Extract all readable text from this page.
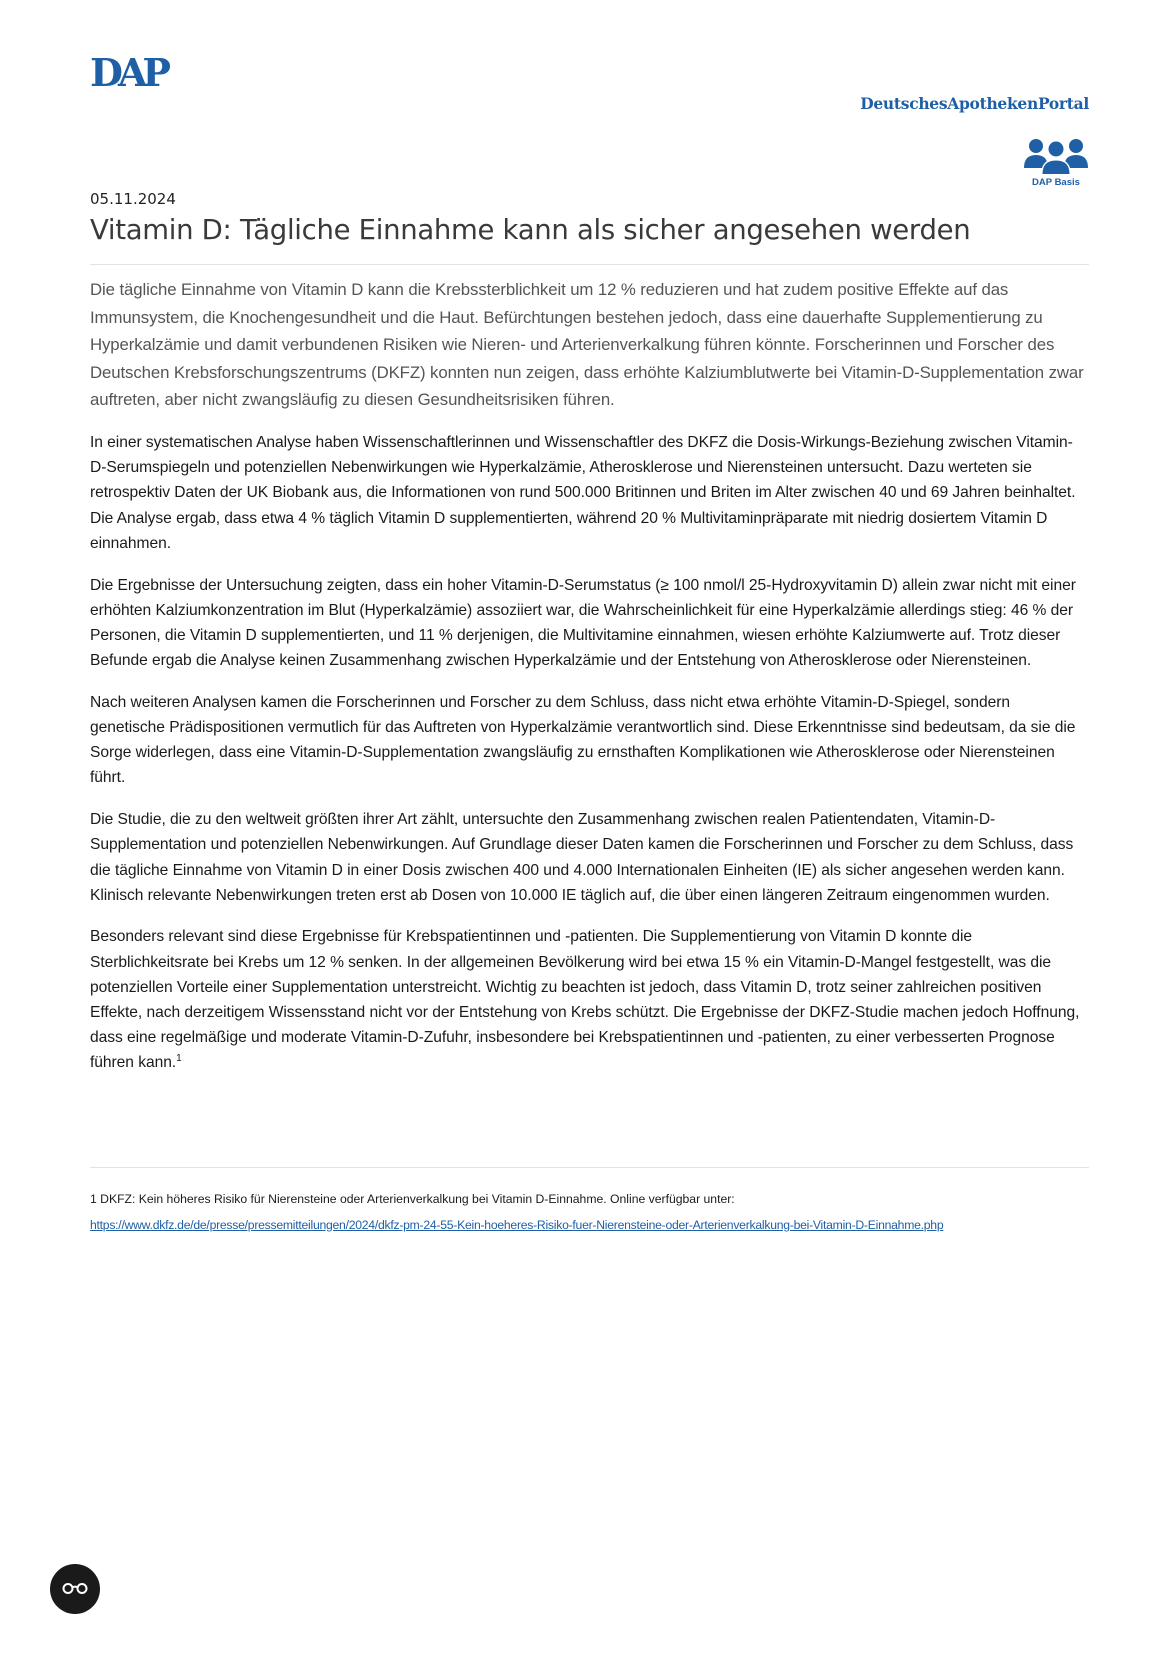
DAP
DeutschesApothekenPortal
DAP Basis
05.11.2024
Vitamin D: Tägliche Einnahme kann als sicher angesehen werden

Die tägliche Einnahme von Vitamin D kann die Krebssterblichkeit um 12 % reduzieren und hat zudem positive Effekte auf das Immunsystem, die Knochengesundheit und die Haut. Befürchtungen bestehen jedoch, dass eine dauerhafte Supplementierung zu Hyperkalzämie und damit verbundenen Risiken wie Nieren- und Arterienverkalkung führen könnte. Forscherinnen und Forscher des Deutschen Krebsforschungszentrums (DKFZ) konnten nun zeigen, dass erhöhte Kalziumblutwerte bei Vitamin-D-Supplementation zwar auftreten, aber nicht zwangsläufig zu diesen Gesundheitsrisiken führen.

In einer systematischen Analyse haben Wissenschaftlerinnen und Wissenschaftler des DKFZ die Dosis-Wirkungs-Beziehung zwischen Vitamin-D-Serumspiegeln und potenziellen Nebenwirkungen wie Hyperkalzämie, Atherosklerose und Nierensteinen untersucht. Dazu werteten sie retrospektiv Daten der UK Biobank aus, die Informationen von rund 500.000 Britinnen und Briten im Alter zwischen 40 und 69 Jahren beinhaltet. Die Analyse ergab, dass etwa 4 % täglich Vitamin D supplementierten, während 20 % Multivitaminpräparate mit niedrig dosiertem Vitamin D einnahmen.

Die Ergebnisse der Untersuchung zeigten, dass ein hoher Vitamin-D-Serumstatus (≥ 100 nmol/l 25-Hydroxyvitamin D) allein zwar nicht mit einer erhöhten Kalziumkonzentration im Blut (Hyperkalzämie) assoziiert war, die Wahrscheinlichkeit für eine Hyperkalzämie allerdings stieg: 46 % der Personen, die Vitamin D supplementierten, und 11 % derjenigen, die Multivitamine einnahmen, wiesen erhöhte Kalziumwerte auf. Trotz dieser Befunde ergab die Analyse keinen Zusammenhang zwischen Hyperkalzämie und der Entstehung von Atherosklerose oder Nierensteinen.

Nach weiteren Analysen kamen die Forscherinnen und Forscher zu dem Schluss, dass nicht etwa erhöhte Vitamin-D-Spiegel, sondern genetische Prädispositionen vermutlich für das Auftreten von Hyperkalzämie verantwortlich sind. Diese Erkenntnisse sind bedeutsam, da sie die Sorge widerlegen, dass eine Vitamin-D-Supplementation zwangsläufig zu ernsthaften Komplikationen wie Atherosklerose oder Nierensteinen führt.

Die Studie, die zu den weltweit größten ihrer Art zählt, untersuchte den Zusammenhang zwischen realen Patientendaten, Vitamin-D-Supplementation und potenziellen Nebenwirkungen. Auf Grundlage dieser Daten kamen die Forscherinnen und Forscher zu dem Schluss, dass die tägliche Einnahme von Vitamin D in einer Dosis zwischen 400 und 4.000 Internationalen Einheiten (IE) als sicher angesehen werden kann. Klinisch relevante Nebenwirkungen treten erst ab Dosen von 10.000 IE täglich auf, die über einen längeren Zeitraum eingenommen wurden.

Besonders relevant sind diese Ergebnisse für Krebspatientinnen und -patienten. Die Supplementierung von Vitamin D konnte die Sterblichkeitsrate bei Krebs um 12 % senken. In der allgemeinen Bevölkerung wird bei etwa 15 % ein Vitamin-D-Mangel festgestellt, was die potenziellen Vorteile einer Supplementation unterstreicht. Wichtig zu beachten ist jedoch, dass Vitamin D, trotz seiner zahlreichen positiven Effekte, nach derzeitigem Wissensstand nicht vor der Entstehung von Krebs schützt. Die Ergebnisse der DKFZ-Studie machen jedoch Hoffnung, dass eine regelmäßige und moderate Vitamin-D-Zufuhr, insbesondere bei Krebspatientinnen und -patienten, zu einer verbesserten Prognose führen kann.$^1$

1 DKFZ: Kein höheres Risiko für Nierensteine oder Arterienverkalkung bei Vitamin D-Einnahme. Online verfügbar unter:
https://www.dkfz.de/de/presse/pressemitteilungen/2024/dkfz-pm-24-55-Kein-hoeheres-Risiko-fuer-Nierensteine-oder-Arterienverkalkung-bei-Vitamin-D-Einnahme.php
